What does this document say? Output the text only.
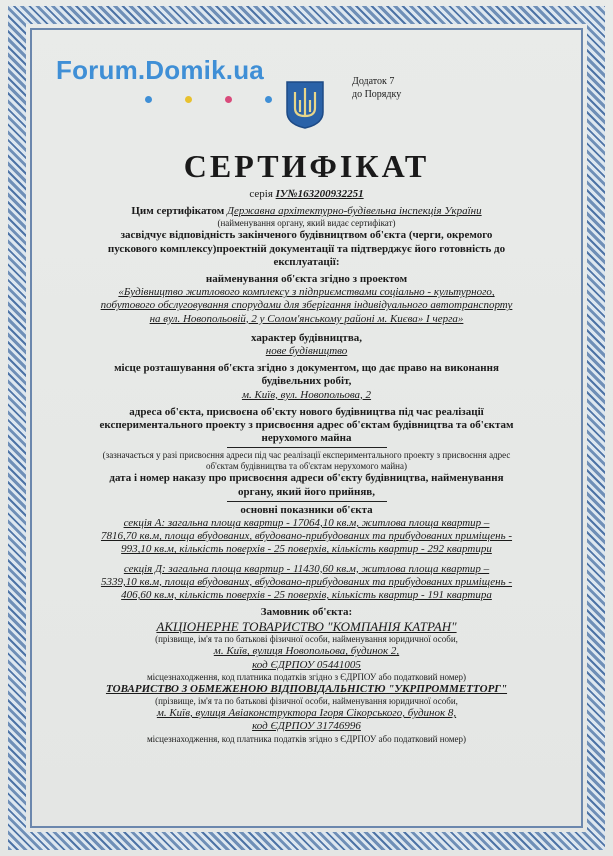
Forum.Domik.ua	Додаток 7
до Порядку
СЕРТИФІКАТ
серія ІУ№163200932251
Цим сертифікатом Державна архітектурно-будівельна інспекція України
(найменування органу, який видає сертифікат)
засвідчує відповідність закінченого будівництвом об'єкта (черги, окремого
пускового комплексу)проектній документації та підтверджує його готовність до
експлуатації:
найменування об'єкта згідно з проектом
«Будівництво житлового комплексу з підприємствами соціально - культурного,
побутового обслуговування спорудами для зберігання індивідуального автотранспорту
на вул. Новопольовій, 2 у Солом'янському районі м. Києва» І черга»
характер будівництва,
нове будівництво
місце розташування об'єкта згідно з документом, що дає право на виконання
будівельних робіт,
м. Київ, вул. Новопольова, 2
адреса об'єкта, присвоєна об'єкту нового будівництва під час реалізації
експериментального проекту з присвоєння адрес об'єктам будівництва та об'єктам
нерухомого майна
(зазначається у разі присвоєння адреси під час реалізації експериментального проекту з присвоєння адрес
об'єктам будівництва та об'єктам нерухомого майна)
дата і номер наказу про присвоєння адреси об'єкту будівництва, найменування
органу, який його прийняв,
основні показники об'єкта
секція А: загальна площа квартир - 17064,10 кв.м, житлова площа квартир –
7816,70 кв.м, площа вбудованих, вбудовано-прибудованих та прибудованих приміщень -
993,10 кв.м, кількість поверхів - 25 поверхів, кількість квартир - 292 квартири
секція Д: загальна площа квартир - 11430,60 кв.м, житлова площа квартир –
5339,10 кв.м, площа вбудованих, вбудовано-прибудованих та прибудованих приміщень -
406,60 кв.м, кількість поверхів - 25 поверхів, кількість квартир - 191 квартира
Замовник об'єкта:
АКЦІОНЕРНЕ ТОВАРИСТВО "КОМПАНІЯ КАТРАН"
(прізвище, ім'я та по батькові фізичної особи, найменування юридичної особи,
м. Київ, вулиця Новопольова, будинок 2,
код ЄДРПОУ 05441005
місцезнаходження, код платника податків згідно з ЄДРПОУ або податковий номер)
ТОВАРИСТВО З ОБМЕЖЕНОЮ ВІДПОВІДАЛЬНІСТЮ "УКРПРОММЕТТОРГ"
(прізвище, ім'я та по батькові фізичної особи, найменування юридичної особи,
м. Київ, вулиця Авіаконструктора Ігоря Сікорського, будинок 8,
код ЄДРПОУ 31746996
місцезнаходження, код платника податків згідно з ЄДРПОУ або податковий номер)
